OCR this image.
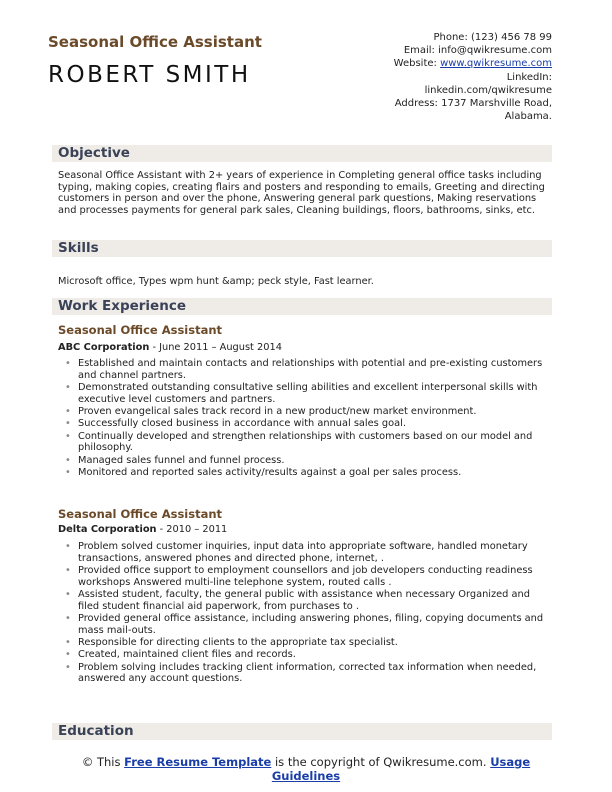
Seasonal Office Assistant
ROBERT SMITH
Phone: (123) 456 78 99
Email: info@qwikresume.com
Website: www.qwikresume.com
LinkedIn:
linkedin.com/qwikresume
Address: 1737 Marshville Road,
Alabama.
Objective
Seasonal Office Assistant with 2+ years of experience in Completing general office tasks including typing, making copies, creating flairs and posters and responding to emails, Greeting and directing customers in person and over the phone, Answering general park questions, Making reservations and processes payments for general park sales, Cleaning buildings, floors, bathrooms, sinks, etc.
Skills
Microsoft office, Types wpm hunt &amp; peck style, Fast learner.
Work Experience
Seasonal Office Assistant
ABC Corporation - June 2011 – August 2014
• Established and maintain contacts and relationships with potential and pre-existing customers and channel partners.
• Demonstrated outstanding consultative selling abilities and excellent interpersonal skills with executive level customers and partners.
• Proven evangelical sales track record in a new product/new market environment.
• Successfully closed business in accordance with annual sales goal.
• Continually developed and strengthen relationships with customers based on our model and philosophy.
• Managed sales funnel and funnel process.
• Monitored and reported sales activity/results against a goal per sales process.
Seasonal Office Assistant
Delta Corporation - 2010 – 2011
• Problem solved customer inquiries, input data into appropriate software, handled monetary transactions, answered phones and directed phone, internet, .
• Provided office support to employment counsellors and job developers conducting readiness workshops Answered multi-line telephone system, routed calls .
• Assisted student, faculty, the general public with assistance when necessary Organized and filed student financial aid paperwork, from purchases to .
• Provided general office assistance, including answering phones, filing, copying documents and mass mail-outs.
• Responsible for directing clients to the appropriate tax specialist.
• Created, maintained client files and records.
• Problem solving includes tracking client information, corrected tax information when needed, answered any account questions.
Education
© This Free Resume Template is the copyright of Qwikresume.com. Usage
Guidelines
